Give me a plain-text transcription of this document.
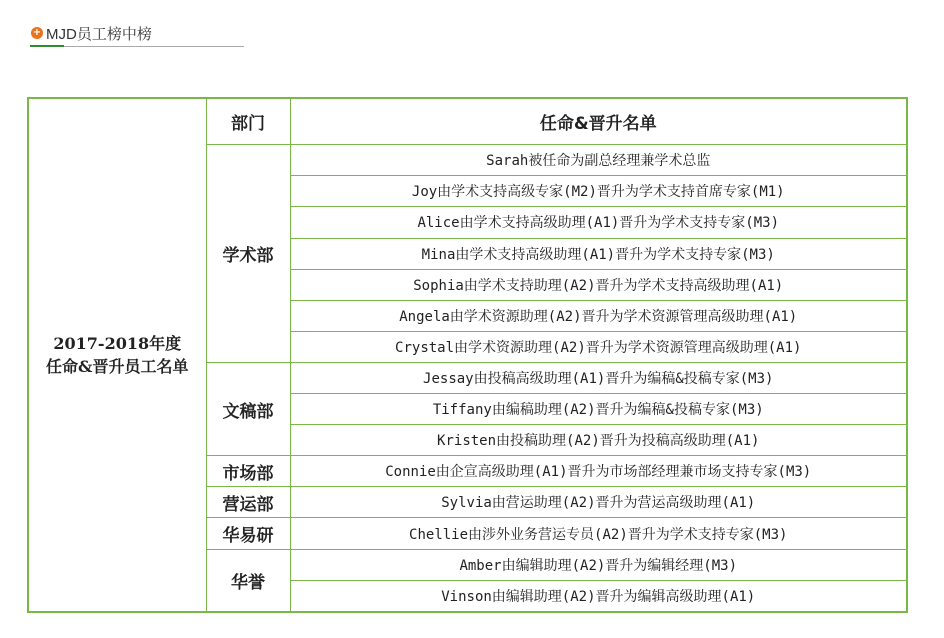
+ MJD员工榜中榜
2017-2018年度
任命&晋升员工名单	部门	任命&晋升名单
	学术部	Sarah被任命为副总经理兼学术总监
		Joy由学术支持高级专家(M2)晋升为学术支持首席专家(M1)
		Alice由学术支持高级助理(A1)晋升为学术支持专家(M3)
		Mina由学术支持高级助理(A1)晋升为学术支持专家(M3)
		Sophia由学术支持助理(A2)晋升为学术支持高级助理(A1)
		Angela由学术资源助理(A2)晋升为学术资源管理高级助理(A1)
		Crystal由学术资源助理(A2)晋升为学术资源管理高级助理(A1)
	文稿部	Jessay由投稿高级助理(A1)晋升为编稿&投稿专家(M3)
		Tiffany由编稿助理(A2)晋升为编稿&投稿专家(M3)
		Kristen由投稿助理(A2)晋升为投稿高级助理(A1)
	市场部	Connie由企宣高级助理(A1)晋升为市场部经理兼市场支持专家(M3)
	营运部	Sylvia由营运助理(A2)晋升为营运高级助理(A1)
	华易研	Chellie由涉外业务营运专员(A2)晋升为学术支持专家(M3)
	华誉	Amber由编辑助理(A2)晋升为编辑经理(M3)
		Vinson由编辑助理(A2)晋升为编辑高级助理(A1)
